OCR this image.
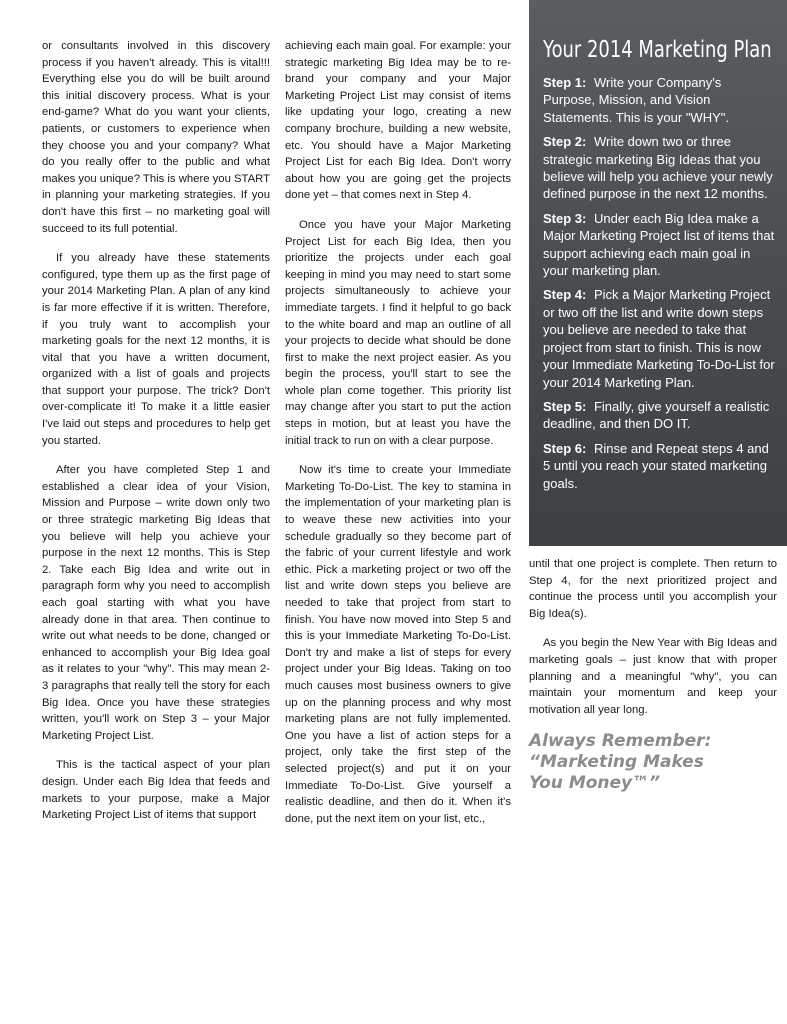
or consultants involved in this discovery process if you haven't already. This is vital!!! Everything else you do will be built around this initial discovery process. What is your end-game? What do you want your clients, patients, or customers to experience when they choose you and your company? What do you really offer to the public and what makes you unique? This is where you START in planning your marketing strategies. If you don't have this first – no marketing goal will succeed to its full potential.

If you already have these statements configured, type them up as the first page of your 2014 Marketing Plan. A plan of any kind is far more effective if it is written. Therefore, if you truly want to accomplish your marketing goals for the next 12 months, it is vital that you have a written document, organized with a list of goals and projects that support your purpose. The trick? Don't over-complicate it! To make it a little easier I've laid out steps and procedures to help get you started.

After you have completed Step 1 and established a clear idea of your Vision, Mission and Purpose – write down only two or three strategic marketing Big Ideas that you believe will help you achieve your purpose in the next 12 months. This is Step 2. Take each Big Idea and write out in paragraph form why you need to accomplish each goal starting with what you have already done in that area. Then continue to write out what needs to be done, changed or enhanced to accomplish your Big Idea goal as it relates to your "why". This may mean 2-3 paragraphs that really tell the story for each Big Idea. Once you have these strategies written, you'll work on Step 3 – your Major Marketing Project List.

This is the tactical aspect of your plan design. Under each Big Idea that feeds and markets to your purpose, make a Major Marketing Project List of items that support

achieving each main goal. For example: your strategic marketing Big Idea may be to re-brand your company and your Major Marketing Project List may consist of items like updating your logo, creating a new company brochure, building a new website, etc. You should have a Major Marketing Project List for each Big Idea. Don't worry about how you are going get the projects done yet – that comes next in Step 4.

Once you have your Major Marketing Project List for each Big Idea, then you prioritize the projects under each goal keeping in mind you may need to start some projects simultaneously to achieve your immediate targets. I find it helpful to go back to the white board and map an outline of all your projects to decide what should be done first to make the next project easier. As you begin the process, you'll start to see the whole plan come together. This priority list may change after you start to put the action steps in motion, but at least you have the initial track to run on with a clear purpose.

Now it's time to create your Immediate Marketing To-Do-List. The key to stamina in the implementation of your marketing plan is to weave these new activities into your schedule gradually so they become part of the fabric of your current lifestyle and work ethic. Pick a marketing project or two off the list and write down steps you believe are needed to take that project from start to finish. You have now moved into Step 5 and this is your Immediate Marketing To-Do-List. Don't try and make a list of steps for every project under your Big Ideas. Taking on too much causes most business owners to give up on the planning process and why most marketing plans are not fully implemented. One you have a list of action steps for a project, only take the first step of the selected project(s) and put it on your Immediate To-Do-List. Give yourself a realistic deadline, and then do it. When it's done, put the next item on your list, etc.,

Your 2014 Marketing Plan
Step 1: Write your Company's Purpose, Mission, and Vision Statements. This is your "WHY".
Step 2: Write down two or three strategic marketing Big Ideas that you believe will help you achieve your newly defined purpose in the next 12 months.
Step 3: Under each Big Idea make a Major Marketing Project list of items that support achieving each main goal in your marketing plan.
Step 4: Pick a Major Marketing Project or two off the list and write down steps you believe are needed to take that project from start to finish. This is now your Immediate Marketing To-Do-List for your 2014 Marketing Plan.
Step 5: Finally, give yourself a realistic deadline, and then DO IT.
Step 6: Rinse and Repeat steps 4 and 5 until you reach your stated marketing goals.

until that one project is complete. Then return to Step 4, for the next prioritized project and continue the process until you accomplish your Big Idea(s).

As you begin the New Year with Big Ideas and marketing goals – just know that with proper planning and a meaningful "why", you can maintain your momentum and keep your motivation all year long.

Always Remember:
“Marketing Makes
You Money™”
